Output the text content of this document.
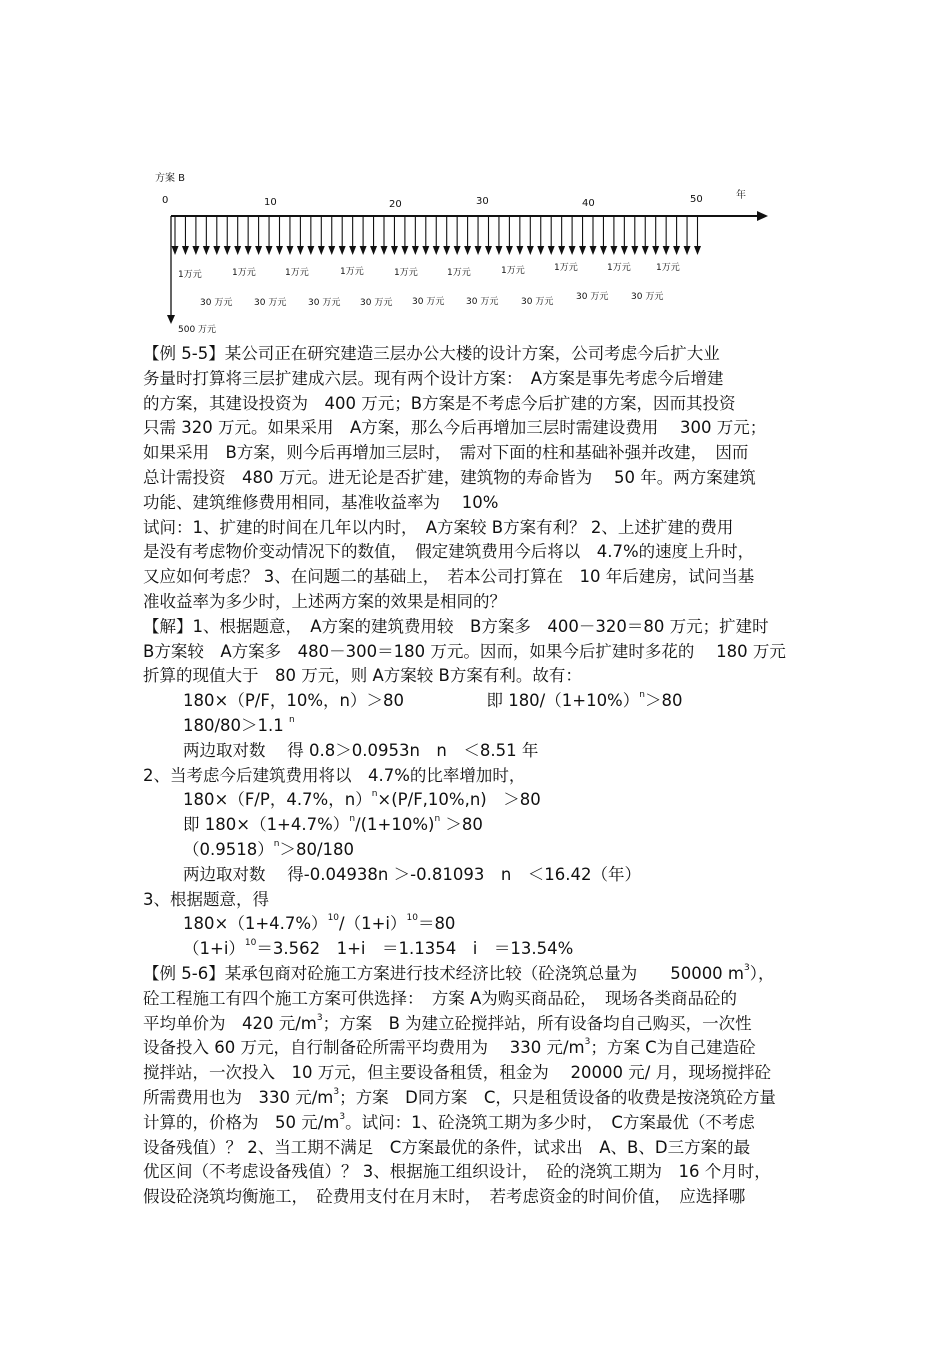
方案 B
年
0	10	20	30	40	50
1万元	1万元	1万元	1万元	1万元	1万元	1万元	1万元	1万元	1万元
30 万元 30 万元 30 万元 30 万元 30 万元 30 万元	30 万元	30 万元	30 万元
500 万元
【例 5-5】某公司正在研究建造三层办公大楼的设计方案，公司考虑今后扩大业
务量时打算将三层扩建成六层。现有两个设计方案：　A方案是事先考虑今后增建
的方案，其建设投资为　400 万元；B方案是不考虑今后扩建的方案，因而其投资
只需 320 万元。如果采用　A方案，那么今后再增加三层时需建设费用　 300 万元；
如果采用　B方案，则今后再增加三层时，　需对下面的柱和基础补强并改建，　因而
总计需投资　480 万元。进无论是否扩建，建筑物的寿命皆为　 50 年。两方案建筑
功能、建筑维修费用相同，基准收益率为　 10%
试问：1、扩建的时间在几年以内时，　A方案较 B方案有利？ 2、上述扩建的费用
是没有考虑物价变动情况下的数值，　假定建筑费用今后将以　4.7%的速度上升时，
又应如何考虑？ 3、在问题二的基础上，　若本公司打算在　10 年后建房，试问当基
准收益率为多少时，上述两方案的效果是相同的？
【解】1、根据题意，　A方案的建筑费用较　B方案多　400－320＝80 万元；扩建时
B方案较　A方案多　480－300＝180 万元。因而，如果今后扩建时多花的　 180 万元
折算的现值大于　80 万元，则 A方案较 B方案有利。故有：
180×（P/F，10%，n）＞80　　　　　即 $180/(1+10\%)^n>80$
180/80＞1.1 $^n$
两边取对数　 得 0.8＞0.0953n　n　＜8.51 年
2、当考虑今后建筑费用将以　4.7%的比率增加时，
180×（F/P，4.7%，n）$^n$×(P/F,10%,n)　＞80
即 $180\times(1+4.7\%)^n/(1+10\%)^n >80$
$(0.9518)^n>80/180$
两边取对数　 得-0.04938n ＞-0.81093　n　＜16.42（年）
3、根据题意，得
$180\times(1+4.7\%)^{10}/(1+i)^{10}=80$
$(1+i)^{10}=3.562$　1+i　＝1.1354　i　＝13.54%
【例 5-6】某承包商对砼施工方案进行技术经济比较（砼浇筑总量为　　50000 $m^3$），
砼工程施工有四个施工方案可供选择：　方案 A为购买商品砼，　现场各类商品砼的
平均单价为　420 元$/m^3$；方案　B 为建立砼搅拌站，所有设备均自己购买，一次性
设备投入 60 万元，自行制备砼所需平均费用为　 330 元$/m^3$；方案 C为自己建造砼
搅拌站，一次投入　10 万元，但主要设备租赁，租金为　 20000 元/ 月，现场搅拌砼
所需费用也为　330 元$/m^3$；方案　D同方案　C，只是租赁设备的收费是按浇筑砼方量
计算的，价格为　50 元$/m^3$。试问：1、砼浇筑工期为多少时，　C方案最优（不考虑
设备残值）？ 2、当工期不满足　C方案最优的条件，试求出　A、B、D三方案的最
优区间（不考虑设备残值）？ 3、根据施工组织设计，　砼的浇筑工期为　16 个月时，
假设砼浇筑均衡施工，　砼费用支付在月末时，　若考虑资金的时间价值，　应选择哪
